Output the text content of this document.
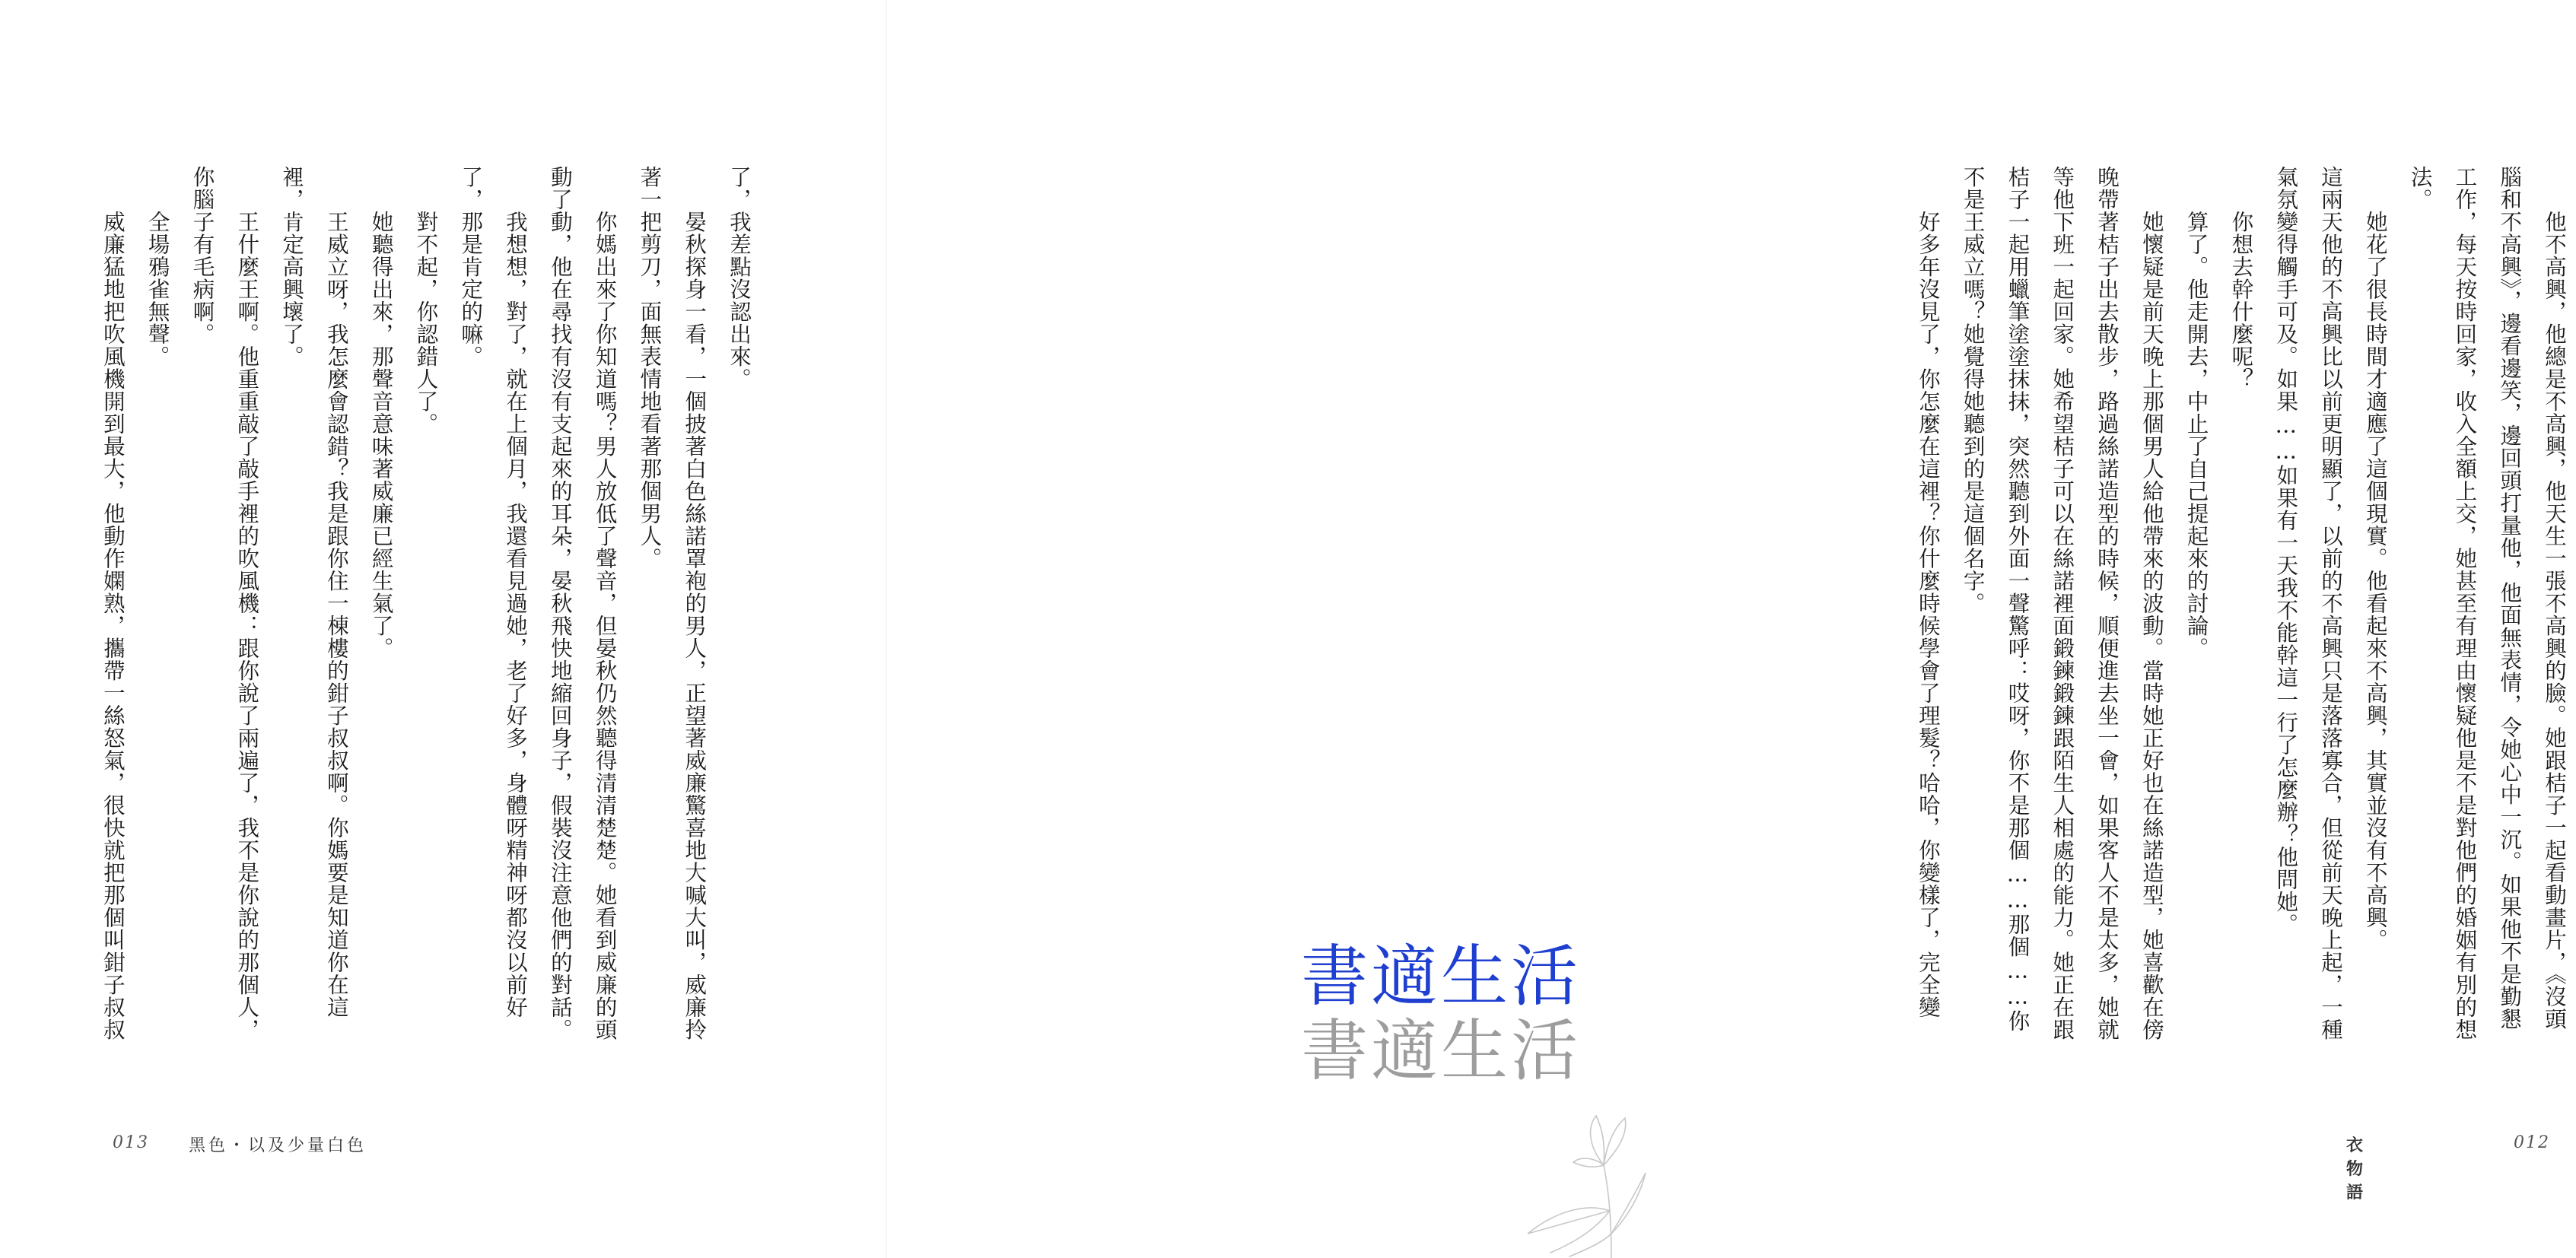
了，我差點沒認出來。
　　晏秋探身一看，一個披著白色絲諾罩袍的男人，正望著威廉驚喜地大喊大叫，威廉拎著一把剪刀，面無表情地看著那個男人。
　　你媽出來了你知道嗎？男人放低了聲音，但晏秋仍然聽得清清楚楚。她看到威廉的頭動了動，他在尋找有沒有支起來的耳朵，晏秋飛快地縮回身子，假裝沒注意他們的對話。
　　我想想，對了，就在上個月，我還看見過她，老了好多，身體呀精神呀都沒以前好了，那是肯定的嘛。
　　對不起，你認錯人了。
　　她聽得出來，那聲音意味著威廉已經生氣了。
　　王威立呀，我怎麼會認錯？我是跟你住一棟樓的鉗子叔叔啊。你媽要是知道你在這裡，肯定高興壞了。
　　王什麼王啊。他重重敲了敲手裡的吹風機：跟你說了兩遍了，我不是你說的那個人，你腦子有毛病啊。
　　全場鴉雀無聲。
　　威廉猛地把吹風機開到最大，他動作嫻熟，攜帶一絲怒氣，很快就把那個叫鉗子叔叔
013 黑色・以及少量白色
　　他不高興，他總是不高興，他天生一張不高興的臉。她跟桔子一起看動畫片，《沒頭腦和不高興》，邊看邊笑，邊回頭打量他，他面無表情，令她心中一沉。如果他不是勤懇工作，每天按時回家，收入全額上交，她甚至有理由懷疑他是不是對他們的婚姻有別的想法。
　　她花了很長時間才適應了這個現實。他看起來不高興，其實並沒有不高興。
這兩天他的不高興比以前更明顯了，以前的不高興只是落落寡合，但從前天晚上起，一種氣氛變得觸手可及。如果……如果有一天我不能幹這一行了怎麼辦？他問她。
　　你想去幹什麼呢？
　　算了。他走開去，中止了自己提起來的討論。
　　她懷疑是前天晚上那個男人給他帶來的波動。當時她正好也在絲諾造型，她喜歡在傍晚帶著桔子出去散步，路過絲諾造型的時候，順便進去坐一會，如果客人不是太多，她就等他下班一起回家。她希望桔子可以在絲諾裡面鍛鍊鍛鍊跟陌生人相處的能力。她正在跟桔子一起用蠟筆塗塗抹抹，突然聽到外面一聲驚呼：哎呀，你不是那個……那個……你不是王威立嗎？她覺得她聽到的是這個名字。
　　好多年沒見了，你怎麼在這裡？你什麼時候學會了理髮？哈哈，你變樣了，完全變
衣物語
012
書適生活
書適生活
